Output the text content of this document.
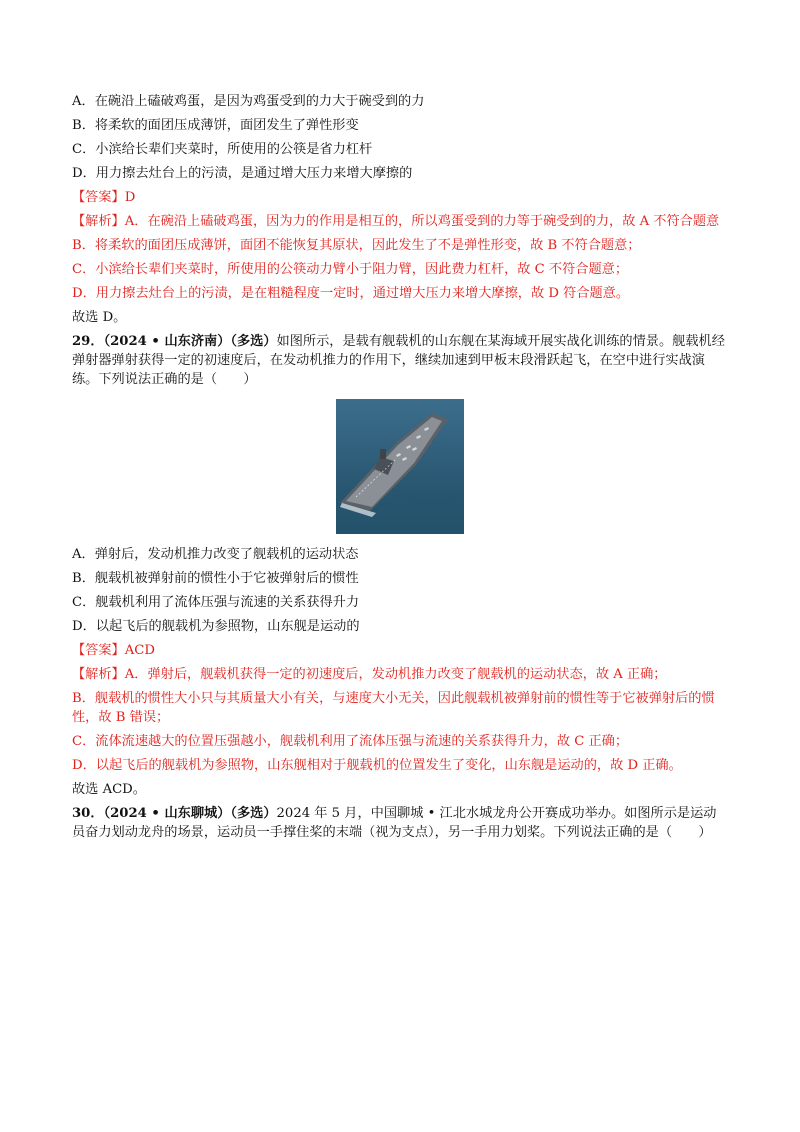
A．在碗沿上磕破鸡蛋，是因为鸡蛋受到的力大于碗受到的力
B．将柔软的面团压成薄饼，面团发生了弹性形变
C．小滨给长辈们夹菜时，所使用的公筷是省力杠杆
D．用力擦去灶台上的污渍，是通过增大压力来增大摩擦的
【答案】D
【解析】A．在碗沿上磕破鸡蛋，因为力的作用是相互的，所以鸡蛋受到的力等于碗受到的力，故 A 不符合题意
B．将柔软的面团压成薄饼，面团不能恢复其原状，因此发生了不是弹性形变，故 B 不符合题意；
C．小滨给长辈们夹菜时，所使用的公筷动力臂小于阻力臂，因此费力杠杆，故 C 不符合题意；
D．用力擦去灶台上的污渍，是在粗糙程度一定时，通过增大压力来增大摩擦，故 D 符合题意。
故选 D。
29．（2024 • 山东济南）（多选）如图所示，是载有舰载机的山东舰在某海域开展实战化训练的情景。舰载机经弹射器弹射获得一定的初速度后，在发动机推力的作用下，继续加速到甲板末段滑跃起飞，在空中进行实战演练。下列说法正确的是（　　）
A．弹射后，发动机推力改变了舰载机的运动状态
B．舰载机被弹射前的惯性小于它被弹射后的惯性
C．舰载机利用了流体压强与流速的关系获得升力
D．以起飞后的舰载机为参照物，山东舰是运动的
【答案】ACD
【解析】A．弹射后，舰载机获得一定的初速度后，发动机推力改变了舰载机的运动状态，故 A 正确；
B．舰载机的惯性大小只与其质量大小有关，与速度大小无关，因此舰载机被弹射前的惯性等于它被弹射后的惯性，故 B 错误；
C．流体流速越大的位置压强越小，舰载机利用了流体压强与流速的关系获得升力，故 C 正确；
D．以起飞后的舰载机为参照物，山东舰相对于舰载机的位置发生了变化，山东舰是运动的，故 D 正确。
故选 ACD。
30．（2024 • 山东聊城）（多选）2024 年 5 月，中国聊城 • 江北水城龙舟公开赛成功举办。如图所示是运动员奋力划动龙舟的场景，运动员一手撑住桨的末端（视为支点），另一手用力划桨。下列说法正确的是（　　）
